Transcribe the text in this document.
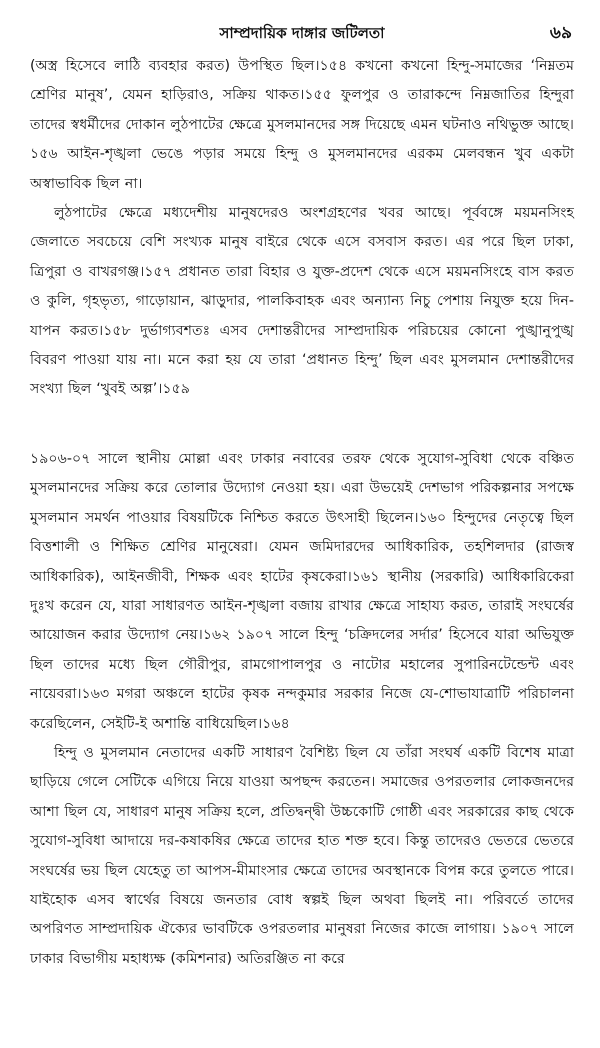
সাম্প্রদায়িক দাঙ্গার জটিলতা	৬৯

(অস্ত্র হিসেবে লাঠি ব্যবহার করত) উপস্থিত ছিল।১৫৪ কখনো কখনো হিন্দু-সমাজের ‘নিম্নতম শ্রেণির মানুষ’, যেমন হাড়িরাও, সক্রিয় থাকত।১৫৫ ফুলপুর ও তারাকন্দে নিম্নজাতির হিন্দুরা তাদের স্বধর্মীদের দোকান লুঠপাটের ক্ষেত্রে মুসলমানদের সঙ্গ দিয়েছে এমন ঘটনাও নথিভুক্ত আছে।১৫৬ আইন-শৃঙ্খলা ভেঙে পড়ার সময়ে হিন্দু ও মুসলমানদের এরকম মেলবন্ধন খুব একটা অস্বাভাবিক ছিল না।

লুঠপাটের ক্ষেত্রে মধ্যদেশীয় মানুষদেরও অংশগ্রহণের খবর আছে। পূর্ববঙ্গে ময়মনসিংহ জেলাতে সবচেয়ে বেশি সংখ্যক মানুষ বাইরে থেকে এসে বসবাস করত। এর পরে ছিল ঢাকা, ত্রিপুরা ও বাখরগঞ্জ।১৫৭ প্রধানত তারা বিহার ও যুক্ত-প্রদেশ থেকে এসে ময়মনসিংহে বাস করত ও কুলি, গৃহভৃত্য, গাড়োয়ান, ঝাড়ুদার, পালকিবাহক এবং অন্যান্য নিচু পেশায় নিযুক্ত হয়ে দিন-যাপন করত।১৫৮ দুর্ভাগ্যবশতঃ এসব দেশান্তরীদের সাম্প্রদায়িক পরিচয়ের কোনো পুঙ্খানুপুঙ্খ বিবরণ পাওয়া যায় না। মনে করা হয় যে তারা ‘প্রধানত হিন্দু’ ছিল এবং মুসলমান দেশান্তরীদের সংখ্যা ছিল ‘খুবই অল্প’।১৫৯

১৯০৬-০৭ সালে স্থানীয় মোল্লা এবং ঢাকার নবাবের তরফ থেকে সুযোগ-সুবিধা থেকে বঞ্চিত মুসলমানদের সক্রিয় করে তোলার উদ্যোগ নেওয়া হয়। এরা উভয়েই দেশভাগ পরিকল্পনার সপক্ষে মুসলমান সমর্থন পাওয়ার বিষয়টিকে নিশ্চিত করতে উৎসাহী ছিলেন।১৬০ হিন্দুদের নেতৃত্বে ছিল বিত্তশালী ও শিক্ষিত শ্রেণির মানুষেরা। যেমন জমিদারদের আধিকারিক, তহশিলদার (রাজস্ব আধিকারিক), আইনজীবী, শিক্ষক এবং হাটের কৃষকেরা।১৬১ স্থানীয় (সরকারি) আধিকারিকেরা দুঃখ করেন যে, যারা সাধারণত আইন-শৃঙ্খলা বজায় রাখার ক্ষেত্রে সাহায্য করত, তারাই সংঘর্ষের আয়োজন করার উদ্যোগ নেয়।১৬২ ১৯০৭ সালে হিন্দু ‘চক্রিদলের সর্দার’ হিসেবে যারা অভিযুক্ত ছিল তাদের মধ্যে ছিল গৌরীপুর, রামগোপালপুর ও নাটোর মহালের সুপারিনটেন্ডেন্ট এবং নায়েবরা।১৬৩ মগরা অঞ্চলে হাটের কৃষক নন্দকুমার সরকার নিজে যে-শোভাযাত্রাটি পরিচালনা করেছিলেন, সেইটি-ই অশান্তি বাধিয়েছিল।১৬৪

হিন্দু ও মুসলমান নেতাদের একটি সাধারণ বৈশিষ্ট্য ছিল যে তাঁরা সংঘর্ষ একটি বিশেষ মাত্রা ছাড়িয়ে গেলে সেটিকে এগিয়ে নিয়ে যাওয়া অপছন্দ করতেন। সমাজের ওপরতলার লোকজনদের আশা ছিল যে, সাধারণ মানুষ সক্রিয় হলে, প্রতিদ্বন্দ্বী উচ্চকোটি গোষ্ঠী এবং সরকারের কাছ থেকে সুযোগ-সুবিধা আদায়ে দর-কষাকষির ক্ষেত্রে তাদের হাত শক্ত হবে। কিন্তু তাদেরও ভেতরে ভেতরে সংঘর্ষের ভয় ছিল যেহেতু তা আপস-মীমাংসার ক্ষেত্রে তাদের অবস্থানকে বিপন্ন করে তুলতে পারে। যাইহোক এসব স্বার্থের বিষয়ে জনতার বোধ স্বল্পই ছিল অথবা ছিলই না। পরিবর্তে তাদের অপরিণত সাম্প্রদায়িক ঐক্যের ভাবটিকে ওপরতলার মানুষরা নিজের কাজে লাগায়। ১৯০৭ সালে ঢাকার বিভাগীয় মহাধ্যক্ষ (কমিশনার) অতিরঞ্জিত না করে
